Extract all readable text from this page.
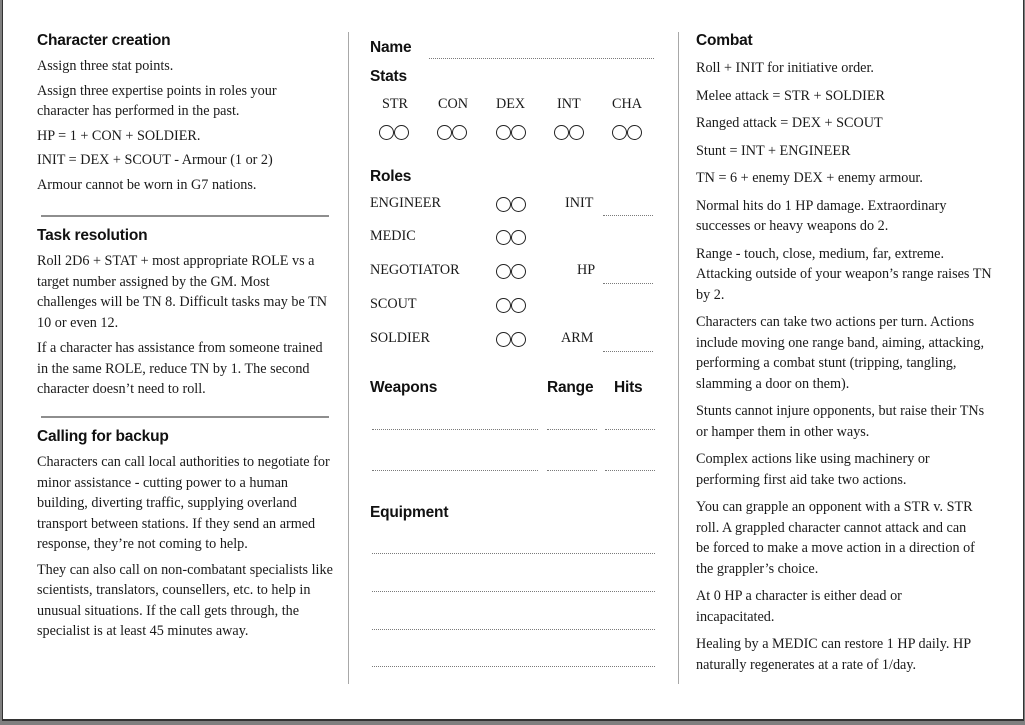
Character creation

Assign three stat points.

Assign three expertise points in roles your character has performed in the past.

HP = 1 + CON + SOLDIER.

INIT = DEX + SCOUT - Armour (1 or 2)

Armour cannot be worn in G7 nations.

Task resolution

Roll 2D6 + STAT + most appropriate ROLE vs a target number assigned by the GM. Most challenges will be TN 8. Difficult tasks may be TN 10 or even 12.

If a character has assistance from someone trained in the same ROLE, reduce TN by 1. The second character doesn’t need to roll.

Calling for backup

Characters can call local authorities to negotiate for minor assistance - cutting power to a human building, diverting traffic, supplying overland transport between stations. If they send an armed response, they’re not coming to help.

They can also call on non-combatant specialists like scientists, translators, counsellers, etc. to help in unusual situations. If the call gets through, the specialist is at least 45 minutes away.

Name
Stats
STR CON DEX INT CHA
Roles
ENGINEER
MEDIC
NEGOTIATOR
SCOUT
SOLDIER
INIT
HP
ARM
Weapons	Range Hits
Equipment
Combat

Roll + INIT for initiative order.

Melee attack = STR + SOLDIER

Ranged attack = DEX + SCOUT

Stunt = INT + ENGINEER

TN = 6 + enemy DEX + enemy armour.

Normal hits do 1 HP damage. Extraordinary successes or heavy weapons do 2.

Range - touch, close, medium, far, extreme. Attacking outside of your weapon’s range raises TN by 2.

Characters can take two actions per turn. Actions include moving one range band, aiming, attacking, performing a combat stunt (tripping, tangling, slamming a door on them).

Stunts cannot injure opponents, but raise their TNs or hamper them in other ways.

Complex actions like using machinery or performing first aid take two actions.

You can grapple an opponent with a STR v. STR roll. A grappled character cannot attack and can be forced to make a move action in a direction of the grappler’s choice.

At 0 HP a character is either dead or incapacitated.

Healing by a MEDIC can restore 1 HP daily. HP naturally regenerates at a rate of 1/day.
